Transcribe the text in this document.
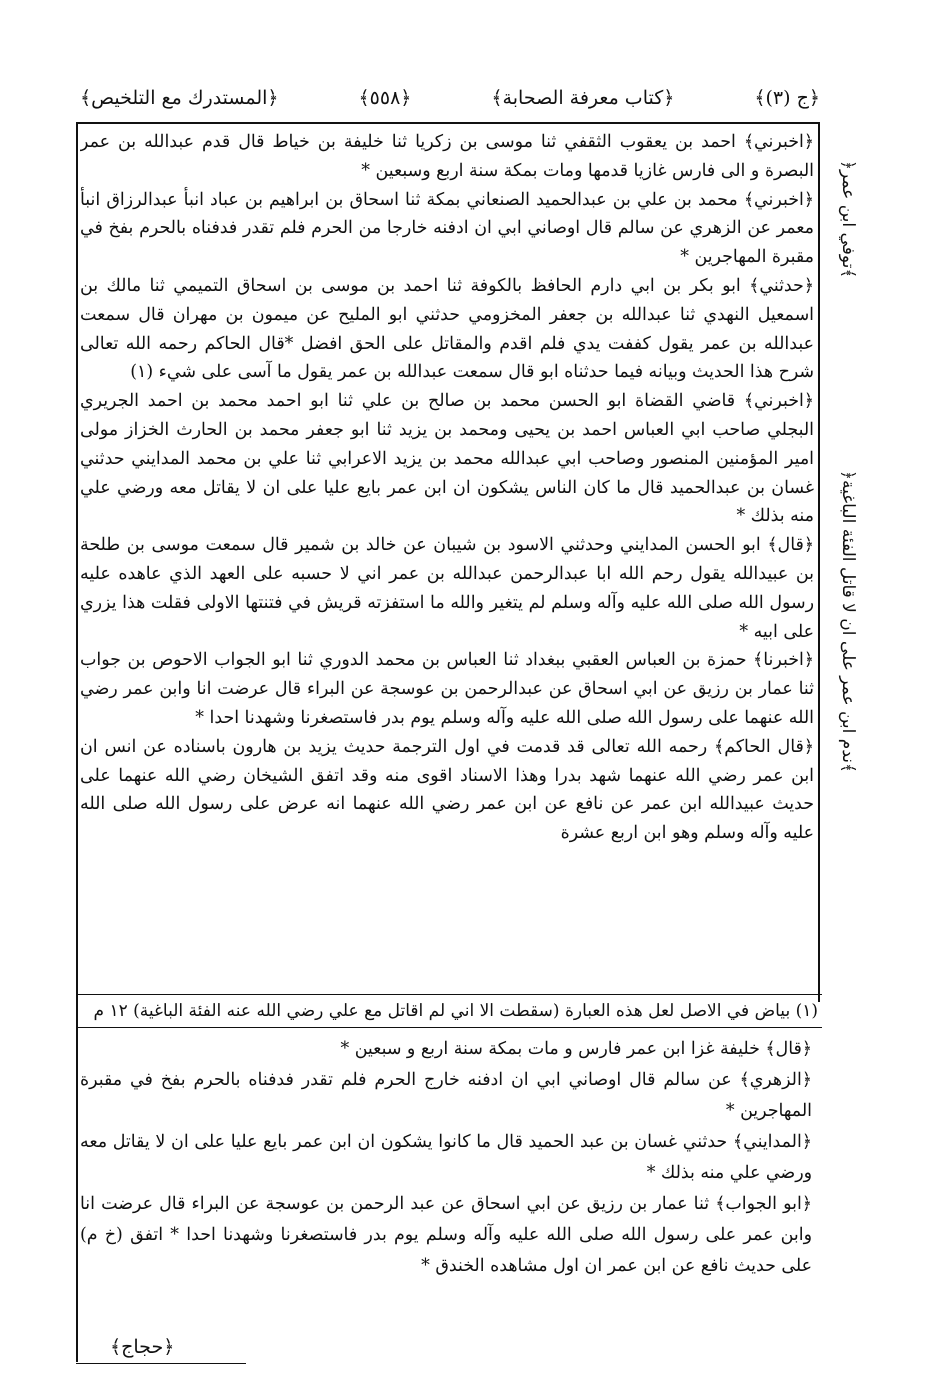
﴿المستدرك مع التلخيص﴾	﴿٥٥٨﴾	﴿كتاب معرفة الصحابة﴾	﴿ج (٣)﴾
﴿توفي ابن عمر﴾
﴿ندم ابن عمر على ان لا قاتل الفئة الباغية﴾

﴿اخبرني﴾ احمد بن يعقوب الثقفي ثنا موسى بن زكريا ثنا خليفة بن خياط قال قدم عبدالله بن عمر البصرة و الى فارس غازيا قدمها ومات بمكة سنة اربع وسبعين *

﴿اخبرني﴾ محمد بن علي بن عبدالحميد الصنعاني بمكة ثنا اسحاق بن ابراهيم بن عباد انبأ عبدالرزاق انبأ معمر عن الزهري عن سالم قال اوصاني ابي ان ادفنه خارجا من الحرم فلم تقدر فدفناه بالحرم بفخ في مقبرة المهاجرين *

﴿حدثني﴾ ابو بكر بن ابي دارم الحافظ بالكوفة ثنا احمد بن موسى بن اسحاق التميمي ثنا مالك بن اسمعيل النهدي ثنا عبدالله بن جعفر المخزومي حدثني ابو المليح عن ميمون بن مهران قال سمعت عبدالله بن عمر يقول كففت يدي فلم اقدم والمقاتل على الحق افضل *قال الحاكم رحمه الله تعالى شرح هذا الحديث وبيانه فيما حدثناه ابو قال سمعت عبدالله بن عمر يقول ما آسى على شيء (١)

﴿اخبرني﴾ قاضي القضاة ابو الحسن محمد بن صالح بن علي ثنا ابو احمد محمد بن احمد الجريري البجلي صاحب ابي العباس احمد بن يحيى ومحمد بن يزيد ثنا ابو جعفر محمد بن الحارث الخزاز مولى امير المؤمنين المنصور وصاحب ابي عبدالله محمد بن يزيد الاعرابي ثنا علي بن محمد المدايني حدثني غسان بن عبدالحميد قال ما كان الناس يشكون ان ابن عمر بايع عليا على ان لا يقاتل معه ورضي علي منه بذلك *

﴿قال﴾ ابو الحسن المدايني وحدثني الاسود بن شيبان عن خالد بن شمير قال سمعت موسى بن طلحة بن عبيدالله يقول رحم الله ابا عبدالرحمن عبدالله بن عمر اني لا حسبه على العهد الذي عاهده عليه رسول الله صلى الله عليه وآله وسلم لم يتغير والله ما استفزته قريش في فتنتها الاولى فقلت هذا يزري على ابيه *

﴿اخبرنا﴾ حمزة بن العباس العقبي ببغداد ثنا العباس بن محمد الدوري ثنا ابو الجواب الاحوص بن جواب ثنا عمار بن رزيق عن ابي اسحاق عن عبدالرحمن بن عوسجة عن البراء قال عرضت انا وابن عمر رضي الله عنهما على رسول الله صلى الله عليه وآله وسلم يوم بدر فاستصغرنا وشهدنا احدا *

﴿قال الحاكم﴾ رحمه الله تعالى قد قدمت في اول الترجمة حديث يزيد بن هارون باسناده عن انس ان ابن عمر رضي الله عنهما شهد بدرا وهذا الاسناد اقوى منه وقد اتفق الشيخان رضي الله عنهما على حديث عبيدالله ابن عمر عن نافع عن ابن عمر رضي الله عنهما انه عرض على رسول الله صلى الله عليه وآله وسلم وهو ابن اربع عشرة

(١) بياض في الاصل لعل هذه العبارة (سقطت الا اني لم اقاتل مع علي رضي الله عنه الفئة الباغية) ١٢ م

﴿قال﴾ خليفة غزا ابن عمر فارس و مات بمكة سنة اربع و سبعين *

﴿الزهري﴾ عن سالم قال اوصاني ابي ان ادفنه خارج الحرم فلم تقدر فدفناه بالحرم بفخ في مقبرة المهاجرين *

﴿المدايني﴾ حدثني غسان بن عبد الحميد قال ما كانوا يشكون ان ابن عمر بايع عليا على ان لا يقاتل معه ورضي علي منه بذلك *

﴿ابو الجواب﴾ ثنا عمار بن رزيق عن ابي اسحاق عن عبد الرحمن بن عوسجة عن البراء قال عرضت انا وابن عمر على رسول الله صلى الله عليه وآله وسلم يوم بدر فاستصغرنا وشهدنا احدا * اتفق (خ م) على حديث نافع عن ابن عمر ان اول مشاهده الخندق *

﴿حجاج﴾
